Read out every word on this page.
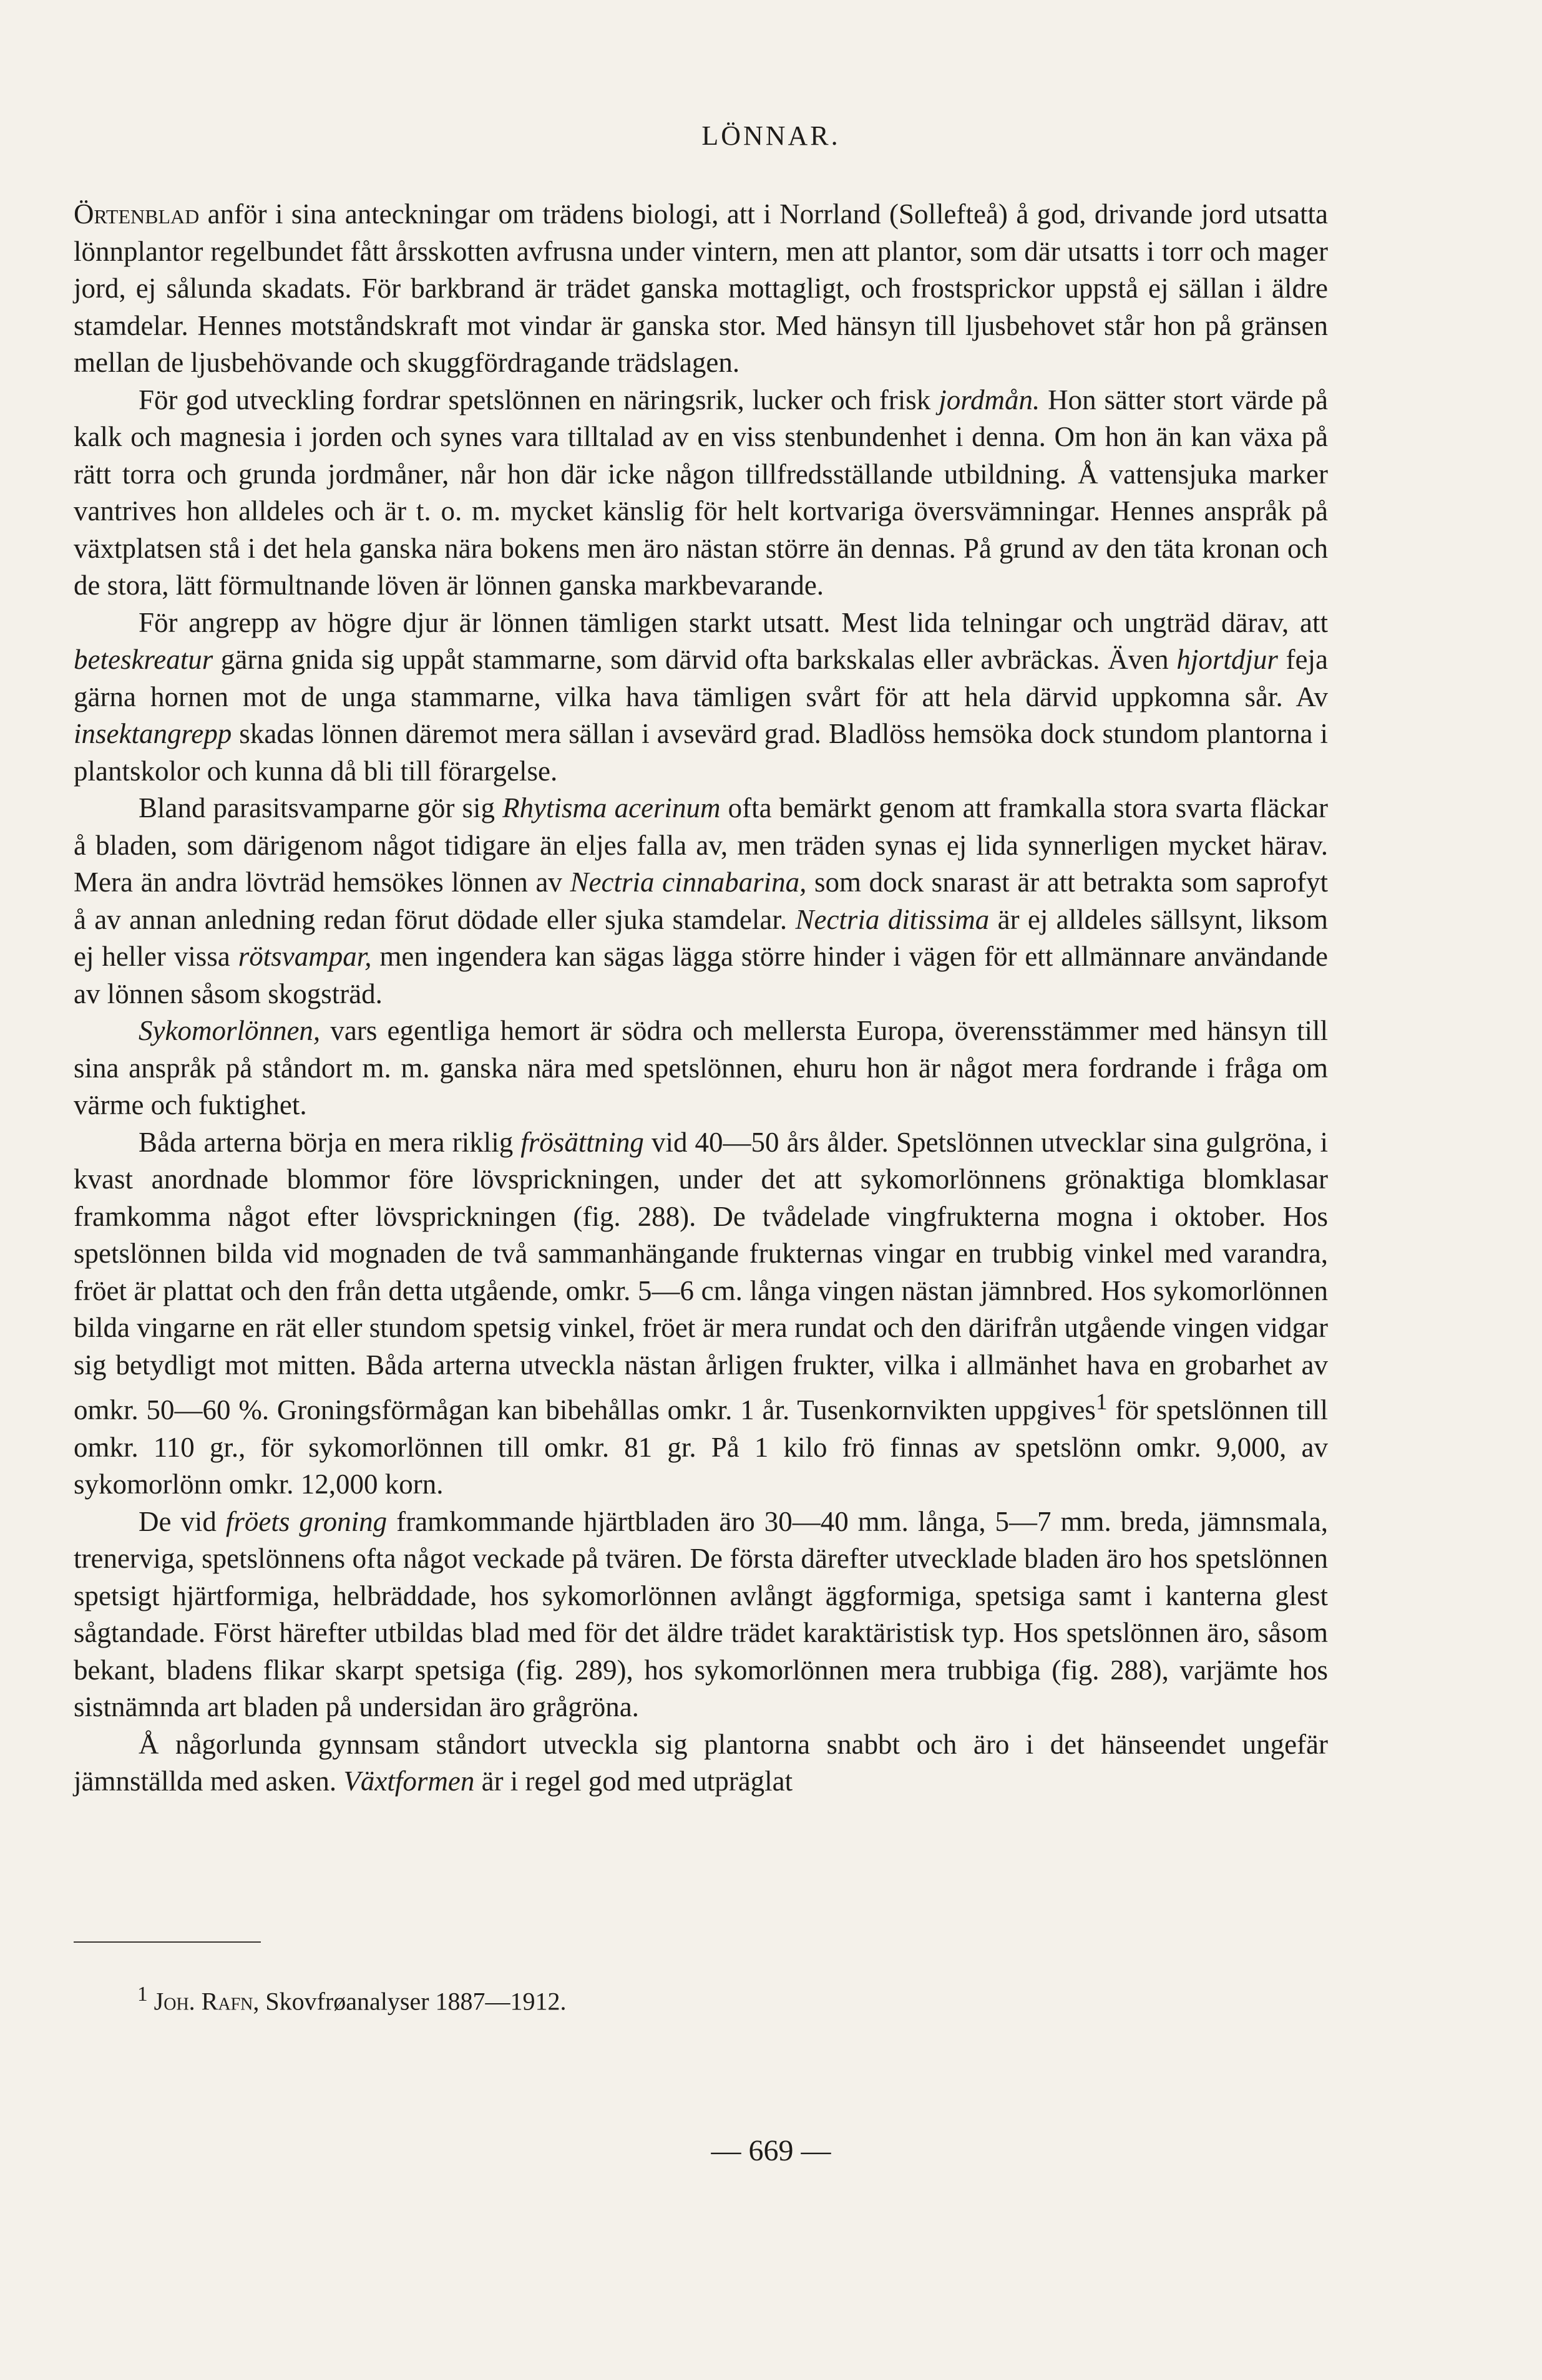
LÖNNAR.

Örtenblad anför i sina anteckningar om trädens biologi, att i Norrland (Sollefteå) å god, drivande jord utsatta lönnplantor regelbundet fått årsskotten avfrusna under vintern, men att plantor, som där utsatts i torr och mager jord, ej sålunda skadats. För barkbrand är trädet ganska mottagligt, och frostsprickor uppstå ej sällan i äldre stamdelar. Hennes motståndskraft mot vindar är ganska stor. Med hänsyn till ljusbehovet står hon på gränsen mellan de ljusbehövande och skuggfördragande trädslagen.

För god utveckling fordrar spetslönnen en näringsrik, lucker och frisk jordmån. Hon sätter stort värde på kalk och magnesia i jorden och synes vara tilltalad av en viss stenbundenhet i denna. Om hon än kan växa på rätt torra och grunda jordmåner, når hon där icke någon tillfredsställande utbildning. Å vattensjuka marker vantrives hon alldeles och är t. o. m. mycket känslig för helt kortvariga översvämningar. Hennes anspråk på växtplatsen stå i det hela ganska nära bokens men äro nästan större än dennas. På grund av den täta kronan och de stora, lätt förmultnande löven är lönnen ganska markbevarande.

För angrepp av högre djur är lönnen tämligen starkt utsatt. Mest lida telningar och ungträd därav, att beteskreatur gärna gnida sig uppåt stammarne, som därvid ofta barkskalas eller avbräckas. Även hjortdjur feja gärna hornen mot de unga stammarne, vilka hava tämligen svårt för att hela därvid uppkomna sår. Av insektangrepp skadas lönnen däremot mera sällan i avsevärd grad. Bladlöss hemsöka dock stundom plantorna i plantskolor och kunna då bli till förargelse.

Bland parasitsvamparne gör sig Rhytisma acerinum ofta bemärkt genom att framkalla stora svarta fläckar å bladen, som därigenom något tidigare än eljes falla av, men träden synas ej lida synnerligen mycket härav. Mera än andra lövträd hemsökes lönnen av Nectria cinnabarina, som dock snarast är att betrakta som saprofyt å av annan anledning redan förut dödade eller sjuka stamdelar. Nectria ditissima är ej alldeles sällsynt, liksom ej heller vissa rötsvampar, men ingendera kan sägas lägga större hinder i vägen för ett allmännare användande av lönnen såsom skogsträd.

Sykomorlönnen, vars egentliga hemort är södra och mellersta Europa, överensstämmer med hänsyn till sina anspråk på ståndort m. m. ganska nära med spetslönnen, ehuru hon är något mera fordrande i fråga om värme och fuktighet.

Båda arterna börja en mera riklig frösättning vid 40—50 års ålder. Spetslönnen utvecklar sina gulgröna, i kvast anordnade blommor före lövsprickningen, under det att sykomorlönnens grönaktiga blomklasar framkomma något efter lövsprickningen (fig. 288). De tvådelade vingfrukterna mogna i oktober. Hos spetslönnen bilda vid mognaden de två sammanhängande frukternas vingar en trubbig vinkel med varandra, fröet är plattat och den från detta utgående, omkr. 5—6 cm. långa vingen nästan jämnbred. Hos sykomorlönnen bilda vingarne en rät eller stundom spetsig vinkel, fröet är mera rundat och den därifrån utgående vingen vidgar sig betydligt mot mitten. Båda arterna utveckla nästan årligen frukter, vilka i allmänhet hava en grobarhet av omkr. 50—60 %. Groningsförmågan kan bibehållas omkr. 1 år. Tusenkornvikten uppgives$^1$ för spetslönnen till omkr. 110 gr., för sykomorlönnen till omkr. 81 gr. På 1 kilo frö finnas av spetslönn omkr. 9,000, av sykomorlönn omkr. 12,000 korn.

De vid fröets groning framkommande hjärtbladen äro 30—40 mm. långa, 5—7 mm. breda, jämnsmala, trenerviga, spetslönnens ofta något veckade på tvären. De första därefter utvecklade bladen äro hos spetslönnen spetsigt hjärtformiga, helbräddade, hos sykomorlönnen avlångt äggformiga, spetsiga samt i kanterna glest sågtandade. Först härefter utbildas blad med för det äldre trädet karaktäristisk typ. Hos spetslönnen äro, såsom bekant, bladens flikar skarpt spetsiga (fig. 289), hos sykomorlönnen mera trubbiga (fig. 288), varjämte hos sistnämnda art bladen på undersidan äro grågröna.

Å någorlunda gynnsam ståndort utveckla sig plantorna snabbt och äro i det hänseendet ungefär jämnställda med asken. Växtformen är i regel god med utpräglat

$^1$ Joh. Rafn, Skovfrøanalyser 1887—1912.
— 669 —
